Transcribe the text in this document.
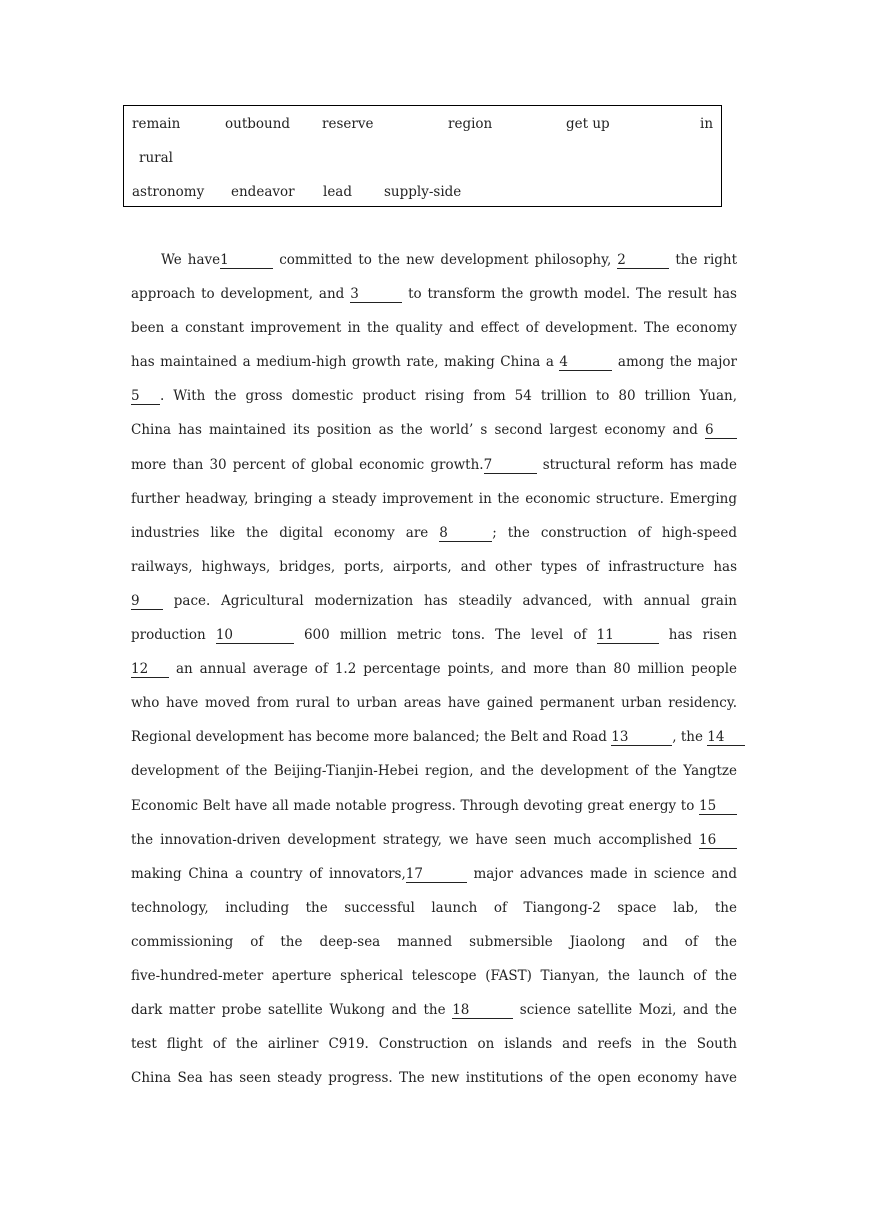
remain	outbound reserve	region	get up	in
rural
astronomy endeavor lead supply-side
We have1	committed to the new development philosophy, 2	the right
approach to development, and 3	to transform the growth model. The result has
been a constant improvement in the quality and effect of development. The economy
has maintained a medium-high growth rate, making China a 4	among the major
5 . With the gross domestic product rising from 54 trillion to 80 trillion Yuan,
China has maintained its position as the world’ s second largest economy and 6
more than 30 percent of global economic growth.7	structural reform has made
further headway, bringing a steady improvement in the economic structure. Emerging
industries like the digital economy are 8	; the construction of high-speed
railways, highways, bridges, ports, airports, and other types of infrastructure has
9	pace. Agricultural modernization has steadily advanced, with annual grain
production 10	600 million metric tons. The level of 11	has risen
12 an annual average of 1.2 percentage points, and more than 80 million people
who have moved from rural to urban areas have gained permanent urban residency.
Regional development has become more balanced; the Belt and Road 13	, the 14
development of the Beijing-Tianjin-Hebei region, and the development of the Yangtze
Economic Belt have all made notable progress. Through devoting great energy to 15
the innovation-driven development strategy, we have seen much accomplished 16
making China a country of innovators,17	major advances made in science and
technology, including the successful launch of Tiangong-2 space lab, the
commissioning of the deep-sea manned submersible Jiaolong and of the
five-hundred-meter aperture spherical telescope (FAST) Tianyan, the launch of the
dark matter probe satellite Wukong and the 18	science satellite Mozi, and the
test flight of the airliner C919. Construction on islands and reefs in the South
China Sea has seen steady progress. The new institutions of the open economy have
